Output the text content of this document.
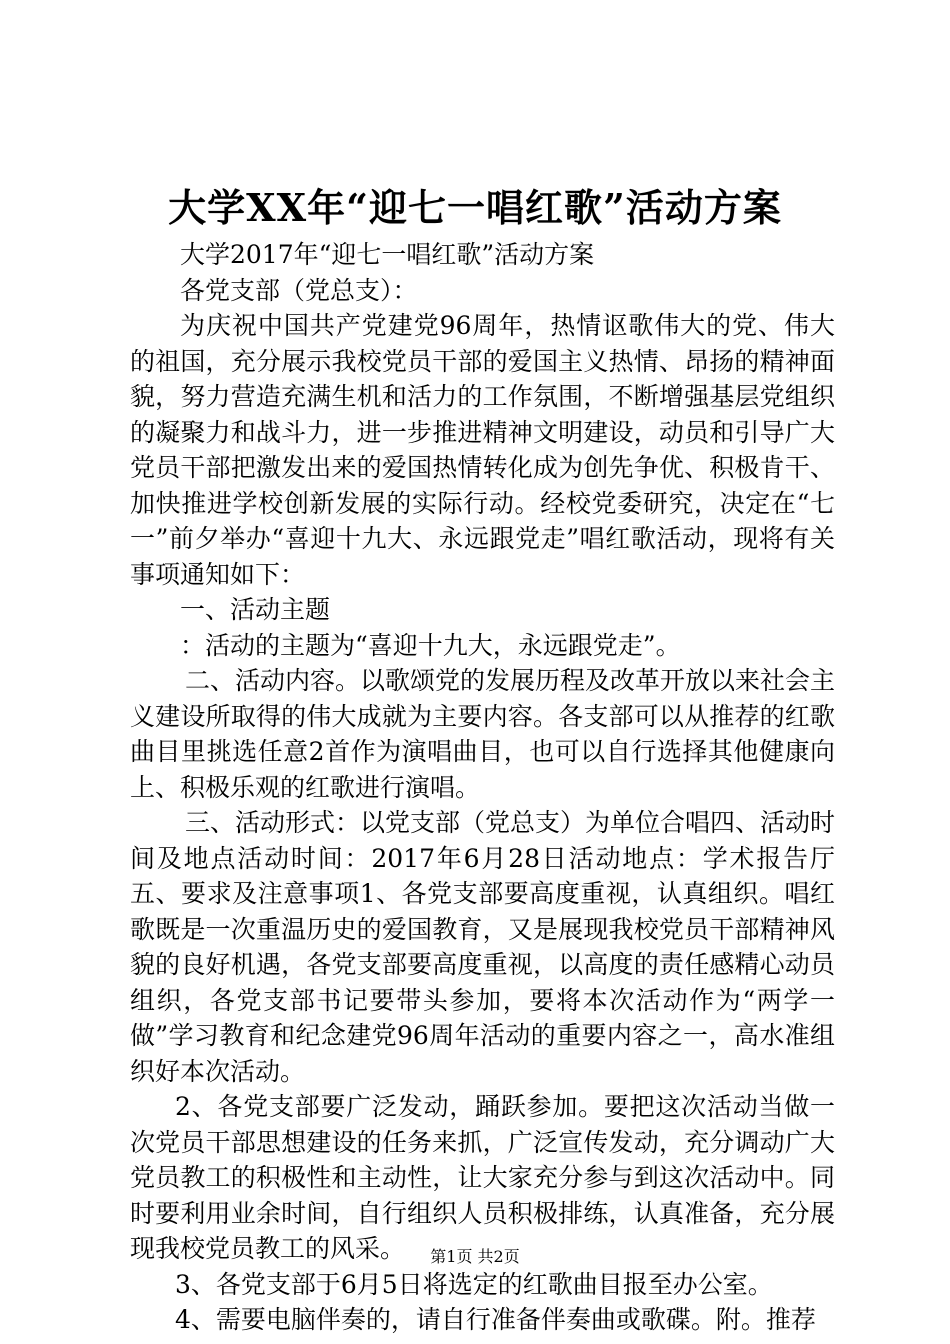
大学XX年“迎七一唱红歌”活动方案

大学2017年“迎七一唱红歌”活动方案

各党支部（党总支）：

为庆祝中国共产党建党96周年，热情讴歌伟大的党、伟大的祖国，充分展示我校党员干部的爱国主义热情、昂扬的精神面貌，努力营造充满生机和活力的工作氛围，不断增强基层党组织的凝聚力和战斗力，进一步推进精神文明建设，动员和引导广大党员干部把激发出来的爱国热情转化成为创先争优、积极肯干、加快推进学校创新发展的实际行动。经校党委研究，决定在“七一”前夕举办“喜迎十九大、永远跟党走”唱红歌活动，现将有关事项通知如下：

一、活动主题

：活动的主题为“喜迎十九大，永远跟党走”。

二、活动内容。以歌颂党的发展历程及改革开放以来社会主义建设所取得的伟大成就为主要内容。各支部可以从推荐的红歌曲目里挑选任意2首作为演唱曲目，也可以自行选择其他健康向上、积极乐观的红歌进行演唱。

三、活动形式：以党支部（党总支）为单位合唱四、活动时间及地点活动时间：2017年6月28日活动地点：学术报告厅五、要求及注意事项1、各党支部要高度重视，认真组织。唱红歌既是一次重温历史的爱国教育，又是展现我校党员干部精神风貌的良好机遇，各党支部要高度重视，以高度的责任感精心动员组织，各党支部书记要带头参加，要将本次活动作为“两学一做”学习教育和纪念建党96周年活动的重要内容之一，高水准组织好本次活动。

2、各党支部要广泛发动，踊跃参加。要把这次活动当做一次党员干部思想建设的任务来抓，广泛宣传发动，充分调动广大党员教工的积极性和主动性，让大家充分参与到这次活动中。同时要利用业余时间，自行组织人员积极排练，认真准备，充分展现我校党员教工的风采。

3、各党支部于6月5日将选定的红歌曲目报至办公室。

4、需要电脑伴奏的，请自行准备伴奏曲或歌碟。附。推荐

第1页 共2页
